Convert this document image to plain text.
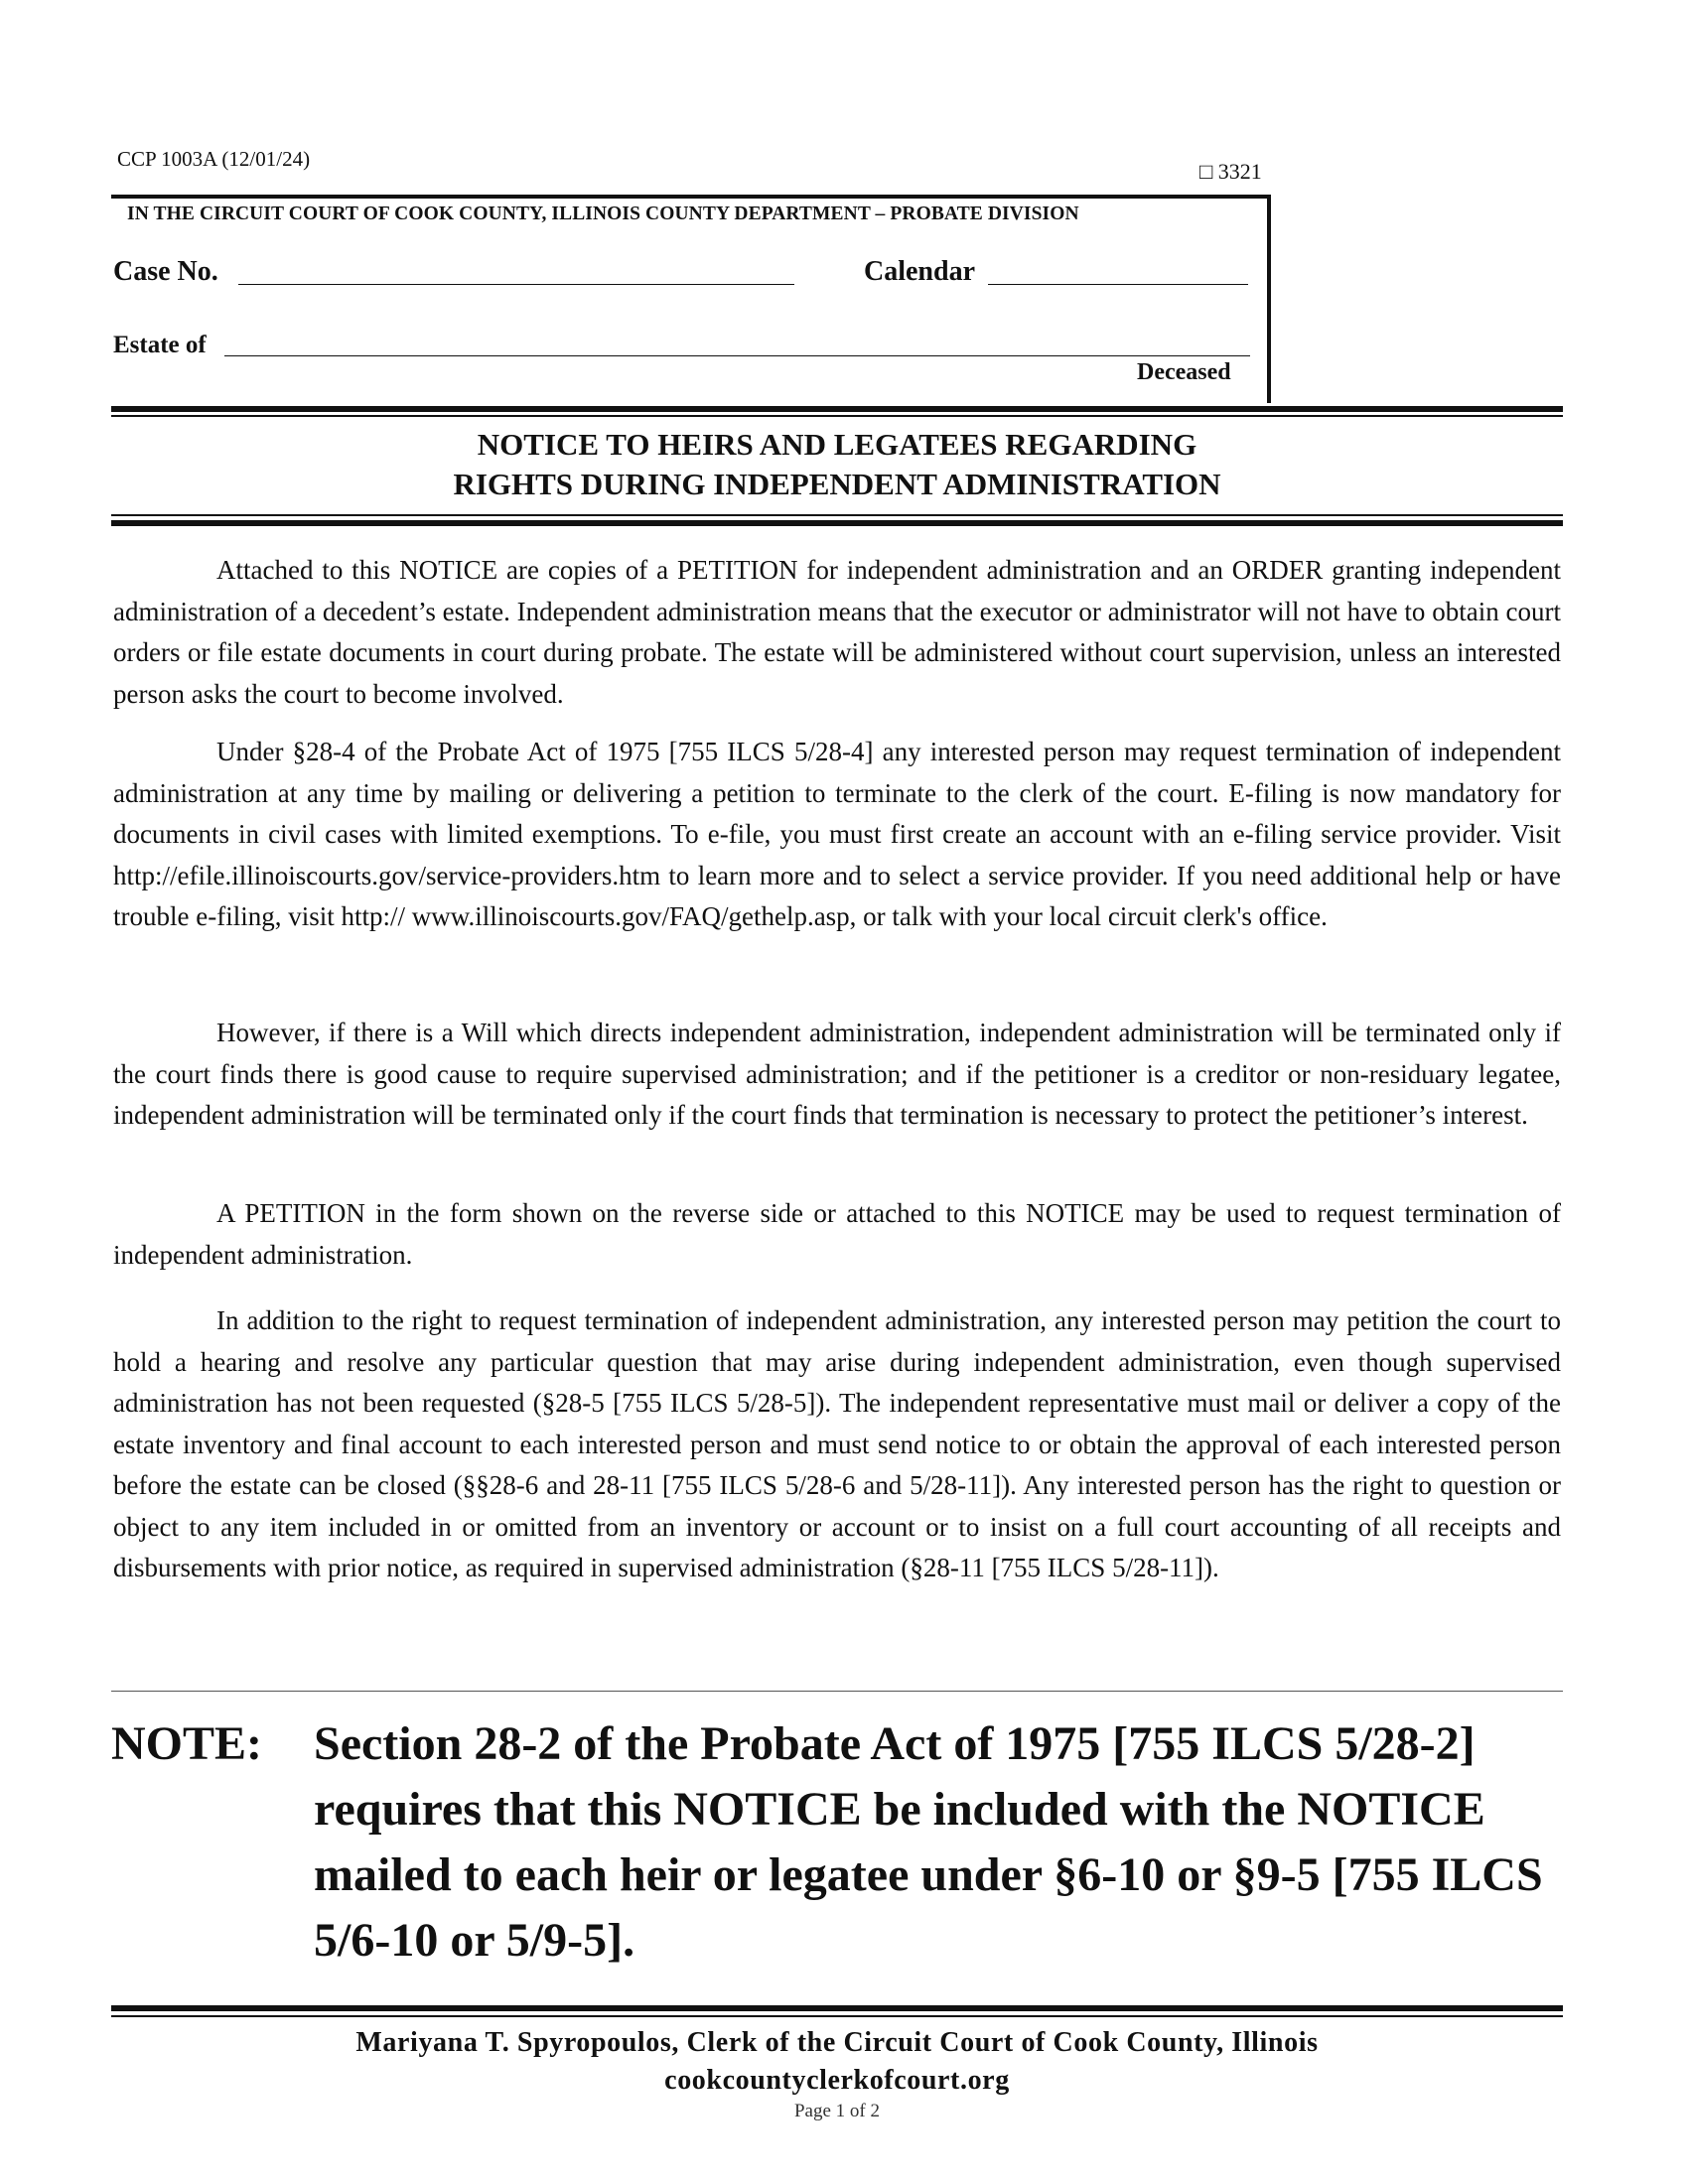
CCP 1003A (12/01/24)	□ 3321
IN THE CIRCUIT COURT OF COOK COUNTY, ILLINOIS COUNTY DEPARTMENT – PROBATE DIVISION
Case No.	Calendar
Estate of
Deceased
NOTICE TO HEIRS AND LEGATEES REGARDING
RIGHTS DURING INDEPENDENT ADMINISTRATION

Attached to this NOTICE are copies of a PETITION for independent administration and an ORDER granting independent administration of a decedent’s estate. Independent administration means that the executor or administrator will not have to obtain court orders or file estate documents in court during probate. The estate will be administered without court supervision, unless an interested person asks the court to become involved.

Under §28-4 of the Probate Act of 1975 [755 ILCS 5/28-4] any interested person may request termination of independent administration at any time by mailing or delivering a petition to terminate to the clerk of the court. E-filing is now mandatory for documents in civil cases with limited exemptions. To e-file, you must first create an account with an e-filing service provider. Visit http://efile.illinoiscourts.gov/service-providers.htm to learn more and to select a service provider. If you need additional help or have trouble e-filing, visit http:// www.illinoiscourts.gov/FAQ/gethelp.asp, or talk with your local circuit clerk's office.

However, if there is a Will which directs independent administration, independent administration will be terminated only if the court finds there is good cause to require supervised administration; and if the petitioner is a creditor or non-residuary legatee, independent administration will be terminated only if the court finds that termination is necessary to protect the petitioner’s interest.

A PETITION in the form shown on the reverse side or attached to this NOTICE may be used to request termination of independent administration.

In addition to the right to request termination of independent administration, any interested person may petition the court to hold a hearing and resolve any particular question that may arise during independent administration, even though supervised administration has not been requested (§28-5 [755 ILCS 5/28-5]). The independent representative must mail or deliver a copy of the estate inventory and final account to each interested person and must send notice to or obtain the approval of each interested person before the estate can be closed (§§28-6 and 28-11 [755 ILCS 5/28-6 and 5/28-11]). Any interested person has the right to question or object to any item included in or omitted from an inventory or account or to insist on a full court accounting of all receipts and disbursements with prior notice, as required in supervised administration (§28-11 [755 ILCS 5/28-11]).

NOTE: Section 28-2 of the Probate Act of 1975 [755 ILCS 5/28-2] requires that this NOTICE be included with the NOTICE mailed to each heir or legatee under §6-10 or §9-5 [755 ILCS 5/6-10 or 5/9-5].
Mariyana T. Spyropoulos, Clerk of the Circuit Court of Cook County, Illinois
cookcountyclerkofcourt.org
Page 1 of 2
